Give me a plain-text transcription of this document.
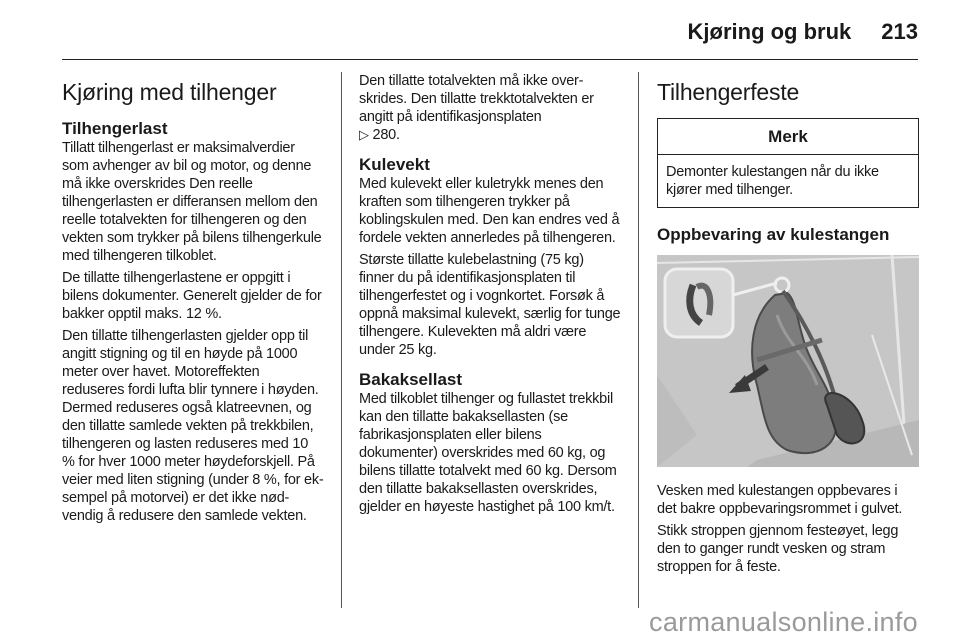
Kjøring og bruk 213
Kjøring med tilhenger
Tilhengerlast

Tillatt tilhengerlast er maksimalverdier som avhenger av bil og motor, og denne må ikke overskrides Den reelle tilhengerlasten er differansen mellom den reelle totalvekten for tilhengeren og den vekten som trykker på bilens tilhengerkule med tilhengeren tilkoblet.

De tillatte tilhengerlastene er oppgitt i bilens dokumenter. Generelt gjelder de for bakker opptil maks. 12 %.

Den tillatte tilhengerlasten gjelder opp til angitt stigning og til en høyde på 1000 meter over havet. Motoreffekten reduseres fordi lufta blir tynnere i høyden. Dermed reduseres også klatreevnen, og den tillatte samlede vekten på trekkbilen, tilhengeren og lasten reduseres med 10 % for hver 1000 meter høydeforskjell. På veier med liten stigning (under 8 %, for eksempel på motorvei) er det ikke nødvendig å redusere den samlede vekten.

Den tillatte totalvekten må ikke overskrides. Den tillatte trekktotalvekten er angitt på identifikasjonsplaten
▷ 280.

Kulevekt

Med kulevekt eller kuletrykk menes den kraften som tilhengeren trykker på koblingskulen med. Den kan endres ved å fordele vekten annerledes på tilhengeren.

Største tillatte kulebelastning (75 kg) finner du på identifikasjonsplaten til tilhengerfestet og i vognkortet. Forsøk å oppnå maksimal kulevekt, særlig for tunge tilhengere. Kulevekten må aldri være under 25 kg.

Bakaksellast

Med tilkoblet tilhenger og fullastet trekkbil kan den tillatte bakaksellasten (se fabrikasjonsplaten eller bilens dokumenter) overskrides med 60 kg, og bilens tillatte totalvekt med 60 kg. Dersom den tillatte bakaksellasten overskrides, gjelder en høyeste hastighet på 100 km/t.

Tilhengerfeste
Merk

Demonter kulestangen når du ikke kjører med tilhenger.

Oppbevaring av kulestangen

Vesken med kulestangen oppbevares i det bakre oppbevaringsrommet i gulvet.

Stikk stroppen gjennom festeøyet, legg den to ganger rundt vesken og stram stroppen for å feste.

carmanualsonline.info
